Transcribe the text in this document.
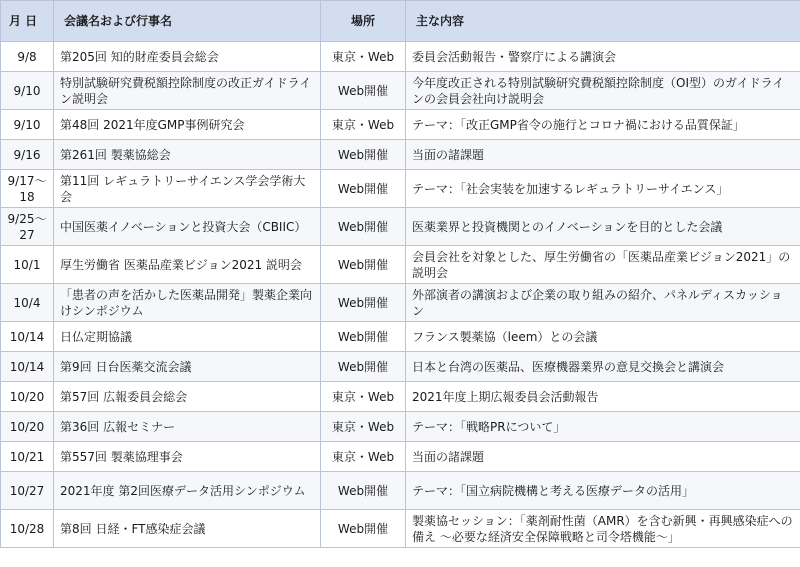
月 日	会議名および行事名	場所	主な内容
9/8	第205回 知的財産委員会総会	東京・Web	委員会活動報告・警察庁による講演会
9/10	特別試験研究費税額控除制度の改正ガイドライン説明会	Web開催	今年度改正される特別試験研究費税額控除制度（OI型）のガイドラインの会員会社向け説明会
9/10	第48回 2021年度GMP事例研究会	東京・Web	テーマ：「改正GMP省令の施行とコロナ禍における品質保証」
9/16	第261回 製薬協総会	Web開催	当面の諸課題
9/17～18	第11回 レギュラトリーサイエンス学会学術大会	Web開催	テーマ：「社会実装を加速するレギュラトリーサイエンス」
9/25～27	中国医薬イノベーションと投資大会（CBIIC）	Web開催	医薬業界と投資機関とのイノベーションを目的とした会議
10/1	厚生労働省 医薬品産業ビジョン2021 説明会	Web開催	会員会社を対象とした、厚生労働省の「医薬品産業ビジョン2021」の説明会
10/4	「患者の声を活かした医薬品開発」製薬企業向けシンポジウム	Web開催	外部演者の講演および企業の取り組みの紹介、パネルディスカッション
10/14	日仏定期協議	Web開催	フランス製薬協（leem）との会議
10/14	第9回 日台医薬交流会議	Web開催	日本と台湾の医薬品、医療機器業界の意見交換会と講演会
10/20	第57回 広報委員会総会	東京・Web	2021年度上期広報委員会活動報告
10/20	第36回 広報セミナー	東京・Web	テーマ：「戦略PRについて」
10/21	第557回 製薬協理事会	東京・Web	当面の諸課題
10/27	2021年度 第2回医療データ活用シンポジウム	Web開催	テーマ：「国立病院機構と考える医療データの活用」
10/28	第8回 日経・FT感染症会議	Web開催	製薬協セッション：「薬剤耐性菌（AMR）を含む新興・再興感染症への備え ～必要な経済安全保障戦略と司令塔機能～」
